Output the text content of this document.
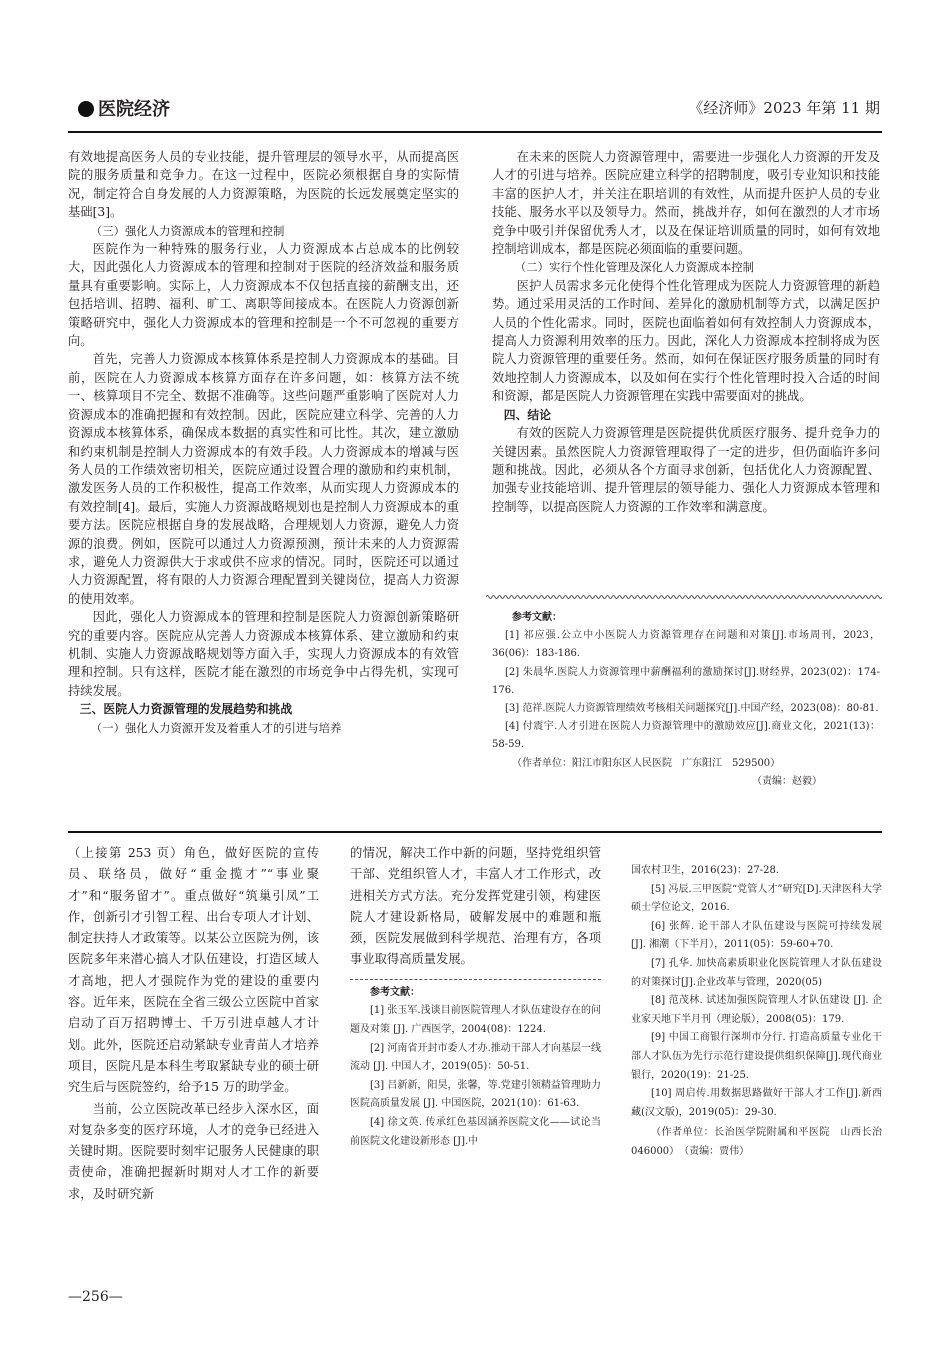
医院经济	《经济师》2023 年第 11 期

有效地提高医务人员的专业技能，提升管理层的领导水平，从而提高医院的服务质量和竞争力。在这一过程中，医院必须根据自身的实际情况，制定符合自身发展的人力资源策略，为医院的长远发展奠定坚实的基础[3]。

（三）强化人力资源成本的管理和控制

医院作为一种特殊的服务行业，人力资源成本占总成本的比例较大，因此强化人力资源成本的管理和控制对于医院的经济效益和服务质量具有重要影响。实际上，人力资源成本不仅包括直接的薪酬支出，还包括培训、招聘、福利、旷工、离职等间接成本。在医院人力资源创新策略研究中，强化人力资源成本的管理和控制是一个不可忽视的重要方向。

首先，完善人力资源成本核算体系是控制人力资源成本的基础。目前，医院在人力资源成本核算方面存在许多问题，如：核算方法不统一、核算项目不完全、数据不准确等。这些问题严重影响了医院对人力资源成本的准确把握和有效控制。因此，医院应建立科学、完善的人力资源成本核算体系，确保成本数据的真实性和可比性。其次，建立激励和约束机制是控制人力资源成本的有效手段。人力资源成本的增减与医务人员的工作绩效密切相关，医院应通过设置合理的激励和约束机制，激发医务人员的工作积极性，提高工作效率，从而实现人力资源成本的有效控制[4]。最后，实施人力资源战略规划也是控制人力资源成本的重要方法。医院应根据自身的发展战略，合理规划人力资源，避免人力资源的浪费。例如，医院可以通过人力资源预测，预计未来的人力资源需求，避免人力资源供大于求或供不应求的情况。同时，医院还可以通过人力资源配置，将有限的人力资源合理配置到关键岗位，提高人力资源的使用效率。

因此，强化人力资源成本的管理和控制是医院人力资源创新策略研究的重要内容。医院应从完善人力资源成本核算体系、建立激励和约束机制、实施人力资源战略规划等方面入手，实现人力资源成本的有效管理和控制。只有这样，医院才能在激烈的市场竞争中占得先机，实现可持续发展。

三、医院人力资源管理的发展趋势和挑战
（一）强化人力资源开发及着重人才的引进与培养

在未来的医院人力资源管理中，需要进一步强化人力资源的开发及人才的引进与培养。医院应建立科学的招聘制度，吸引专业知识和技能丰富的医护人才，并关注在职培训的有效性，从而提升医护人员的专业技能、服务水平以及领导力。然而，挑战并存，如何在激烈的人才市场竞争中吸引并保留优秀人才，以及在保证培训质量的同时，如何有效地控制培训成本，都是医院必须面临的重要问题。

（二）实行个性化管理及深化人力资源成本控制

医护人员需求多元化使得个性化管理成为医院人力资源管理的新趋势。通过采用灵活的工作时间、差异化的激励机制等方式，以满足医护人员的个性化需求。同时，医院也面临着如何有效控制人力资源成本，提高人力资源利用效率的压力。因此，深化人力资源成本控制将成为医院人力资源管理的重要任务。然而，如何在保证医疗服务质量的同时有效地控制人力资源成本，以及如何在实行个性化管理时投入合适的时间和资源，都是医院人力资源管理在实践中需要面对的挑战。

四、结论

有效的医院人力资源管理是医院提供优质医疗服务、提升竞争力的关键因素。虽然医院人力资源管理取得了一定的进步，但仍面临许多问题和挑战。因此，必须从各个方面寻求创新，包括优化人力资源配置、加强专业技能培训、提升管理层的领导能力、强化人力资源成本管理和控制等，以提高医院人力资源的工作效率和满意度。

参考文献：
[1] 祁应强.公立中小医院人力资源管理存在问题和对策[J].市场周刊，2023，36(06)：183-186.
[2] 朱晨华.医院人力资源管理中薪酬福利的激励探讨[J].财经界，2023(02)：174-176.
[3] 范祥.医院人力资源管理绩效考核相关问题探究[J].中国产经，2023(08)：80-81.
[4] 付震宇.人才引进在医院人力资源管理中的激励效应[J].商业文化，2021(13)：58-59.
（作者单位：阳江市阳东区人民医院　广东阳江　529500）
（责编：赵毅）

（上接第 253 页）角色，做好医院的宣传员、联络员，做好“重金揽才”“事业聚才”和“服务留才”。重点做好“筑巢引凤”工作，创新引才引智工程、出台专项人才计划、制定扶持人才政策等。以某公立医院为例，该医院多年来潜心搞人才队伍建设，打造区域人才高地，把人才强院作为党的建设的重要内容。近年来，医院在全省三级公立医院中首家启动了百万招聘博士、千万引进卓越人才计划。此外，医院还启动紧缺专业青苗人才培养项目，医院凡是本科生考取紧缺专业的硕士研究生后与医院签约，给予15 万的助学金。

当前，公立医院改革已经步入深水区，面对复杂多变的医疗环境，人才的竞争已经进入关键时期。医院要时刻牢记服务人民健康的职责使命，准确把握新时期对人才工作的新要求，及时研究新

的情况，解决工作中新的问题，坚持党组织管干部、党组织管人才，丰富人才工作形式，改进相关方式方法。充分发挥党建引领，构建医院人才建设新格局，破解发展中的难题和瓶颈，医院发展做到科学规范、治理有方，各项事业取得高质量发展。

参考文献：
[1] 张玉军.浅谈目前医院管理人才队伍建设存在的问题及对策 [J]. 广西医学，2004(08)：1224.
[2] 河南省开封市委人才办.推动干部人才向基层一线流动 [J]. 中国人才，2019(05)：50-51.
[3] 吕新新，阳昊，张馨，等.党建引领精益管理助力医院高质量发展 [J]. 中国医院，2021(10)：61-63.
[4] 徐文英. 传承红色基因涵养医院文化——试论当前医院文化建设新形态 [J].中
国农村卫生，2016(23)：27-28.
[5] 冯辰.三甲医院“党管人才”研究[D].天津医科大学硕士学位论文，2016.
[6] 张辉. 论干部人才队伍建设与医院可持续发展 [J]. 湘潮（下半月），2011(05)：59-60+70.
[7] 孔华. 加快高素质职业化医院管理人才队伍建设的对策探讨[J].企业改革与管理，2020(05)
[8] 范茂林. 试述加强医院管理人才队伍建设 [J]. 企业家天地下半月刊（理论版），2008(05)：179.
[9] 中国工商银行深圳市分行. 打造高质量专业化干部人才队伍为先行示范行建设提供组织保障[J].现代商业银行，2020(19)：21-25.
[10] 周启传.用数据思路做好干部人才工作[J].新西藏(汉文版)，2019(05)：29-30.
（作者单位：长治医学院附属和平医院　山西长治　046000）　（责编：贾伟）
—256—
